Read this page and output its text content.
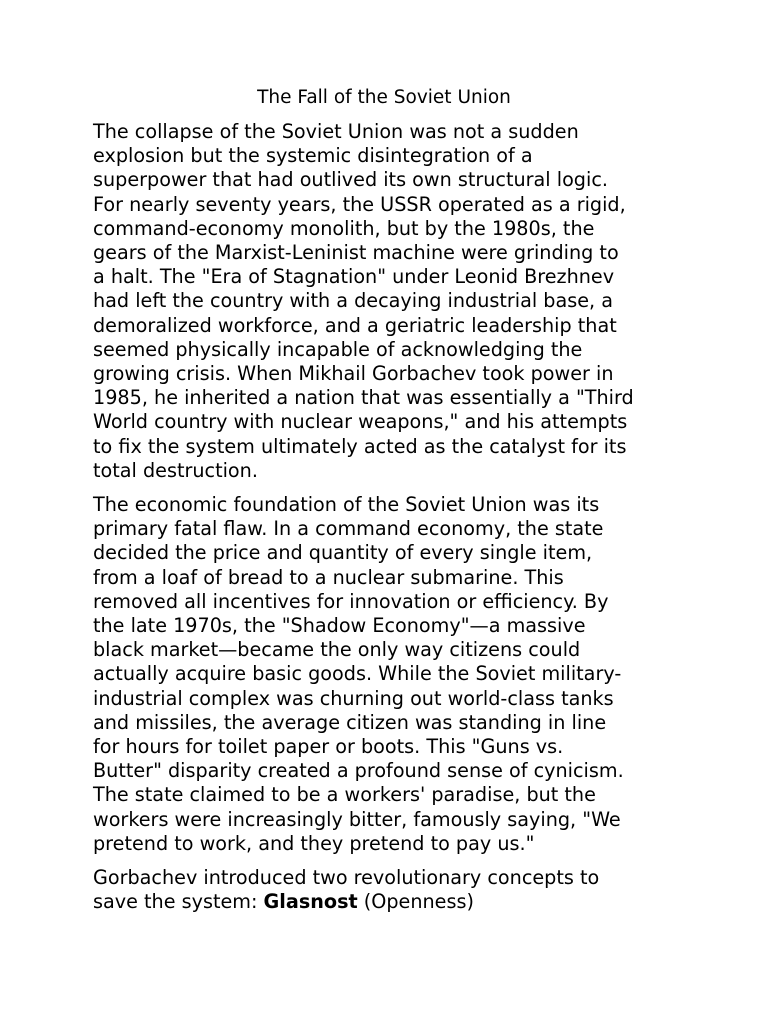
The Fall of the Soviet Union

The collapse of the Soviet Union was not a sudden
explosion but the systemic disintegration of a
superpower that had outlived its own structural logic.
For nearly seventy years, the USSR operated as a rigid,
command-economy monolith, but by the 1980s, the
gears of the Marxist-Leninist machine were grinding to
a halt. The "Era of Stagnation" under Leonid Brezhnev
had left the country with a decaying industrial base, a
demoralized workforce, and a geriatric leadership that
seemed physically incapable of acknowledging the
growing crisis. When Mikhail Gorbachev took power in
1985, he inherited a nation that was essentially a "Third
World country with nuclear weapons," and his attempts
to fix the system ultimately acted as the catalyst for its
total destruction.

The economic foundation of the Soviet Union was its
primary fatal flaw. In a command economy, the state
decided the price and quantity of every single item,
from a loaf of bread to a nuclear submarine. This
removed all incentives for innovation or efficiency. By
the late 1970s, the "Shadow Economy"—a massive
black market—became the only way citizens could
actually acquire basic goods. While the Soviet military-
industrial complex was churning out world-class tanks
and missiles, the average citizen was standing in line
for hours for toilet paper or boots. This "Guns vs.
Butter" disparity created a profound sense of cynicism.
The state claimed to be a workers' paradise, but the
workers were increasingly bitter, famously saying, "We
pretend to work, and they pretend to pay us."

Gorbachev introduced two revolutionary concepts to
save the system: Glasnost (Openness)
